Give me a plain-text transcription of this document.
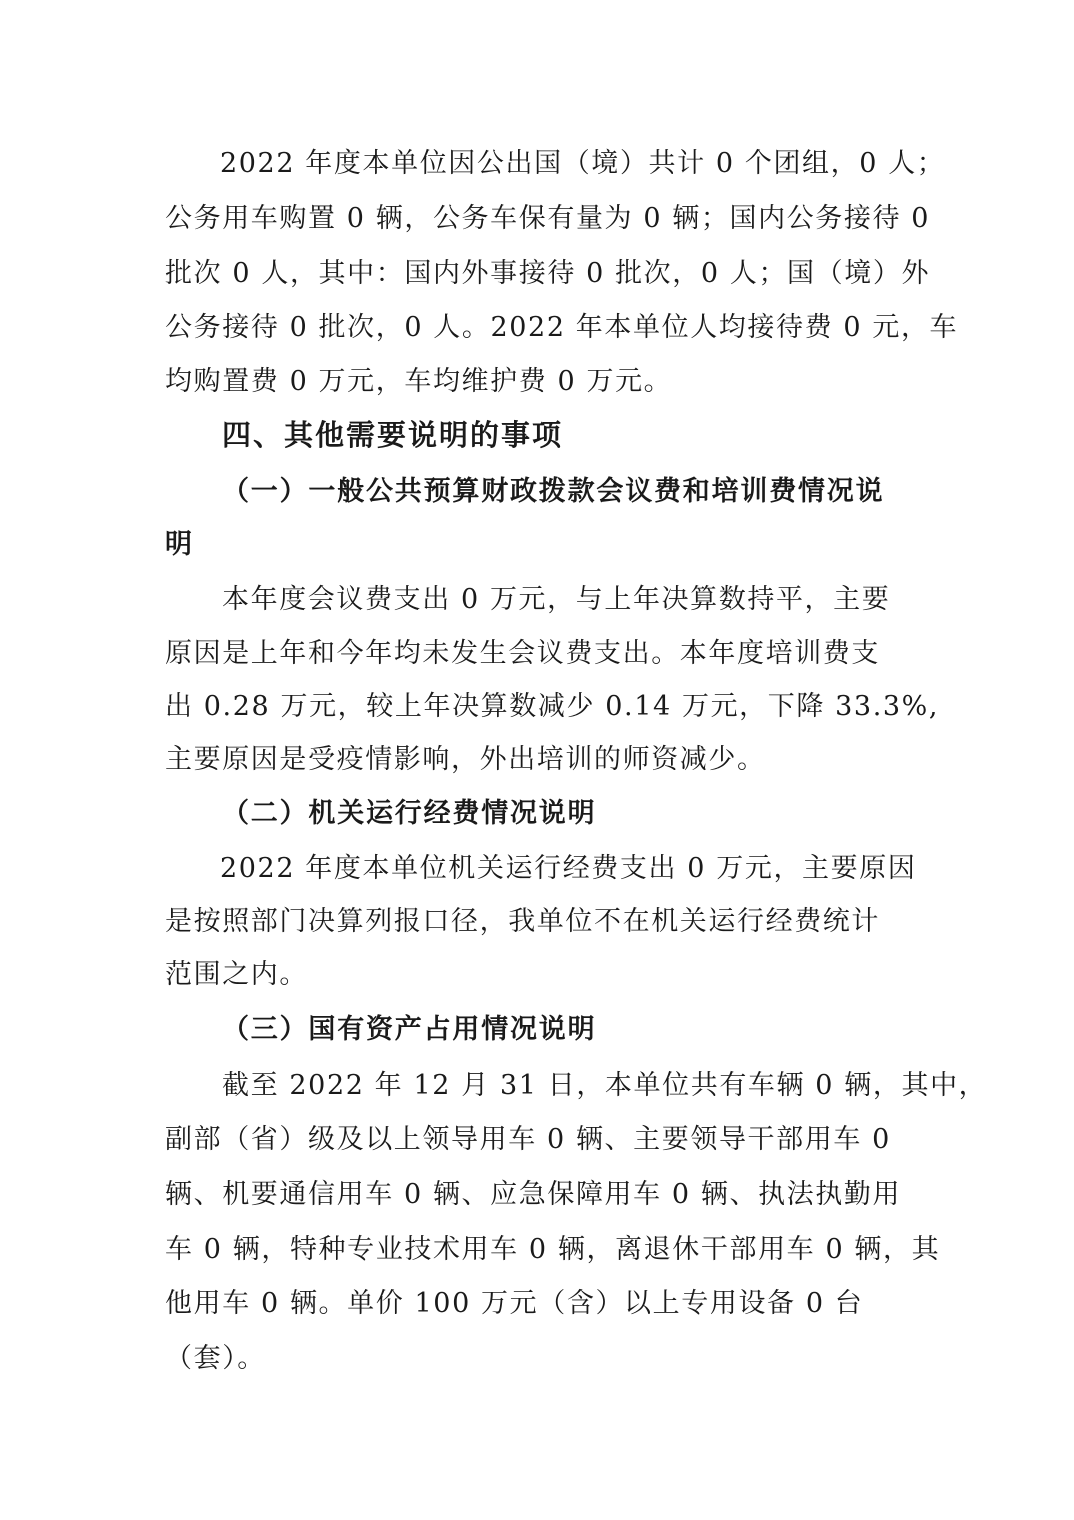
2022 年度本单位因公出国（境）共计 0 个团组，0 人；
公务用车购置 0 辆，公务车保有量为 0 辆；国内公务接待 0
批次 0 人，其中：国内外事接待 0 批次，0 人；国（境）外
公务接待 0 批次，0 人。2022 年本单位人均接待费 0 元，车
均购置费 0 万元，车均维护费 0 万元。
四、其他需要说明的事项
（一）一般公共预算财政拨款会议费和培训费情况说
明
本年度会议费支出 0 万元，与上年决算数持平，主要
原因是上年和今年均未发生会议费支出。本年度培训费支
出 0.28 万元，较上年决算数减少 0.14 万元，下降 33.3%,
主要原因是受疫情影响，外出培训的师资减少。
（二）机关运行经费情况说明
2022 年度本单位机关运行经费支出 0 万元，主要原因
是按照部门决算列报口径，我单位不在机关运行经费统计
范围之内。
（三）国有资产占用情况说明
截至 2022 年 12 月 31 日，本单位共有车辆 0 辆，其中，
副部（省）级及以上领导用车 0 辆、主要领导干部用车 0
辆、机要通信用车 0 辆、应急保障用车 0 辆、执法执勤用
车 0 辆，特种专业技术用车 0 辆，离退休干部用车 0 辆，其
他用车 0 辆。单价 100 万元（含）以上专用设备 0 台
（套）。
